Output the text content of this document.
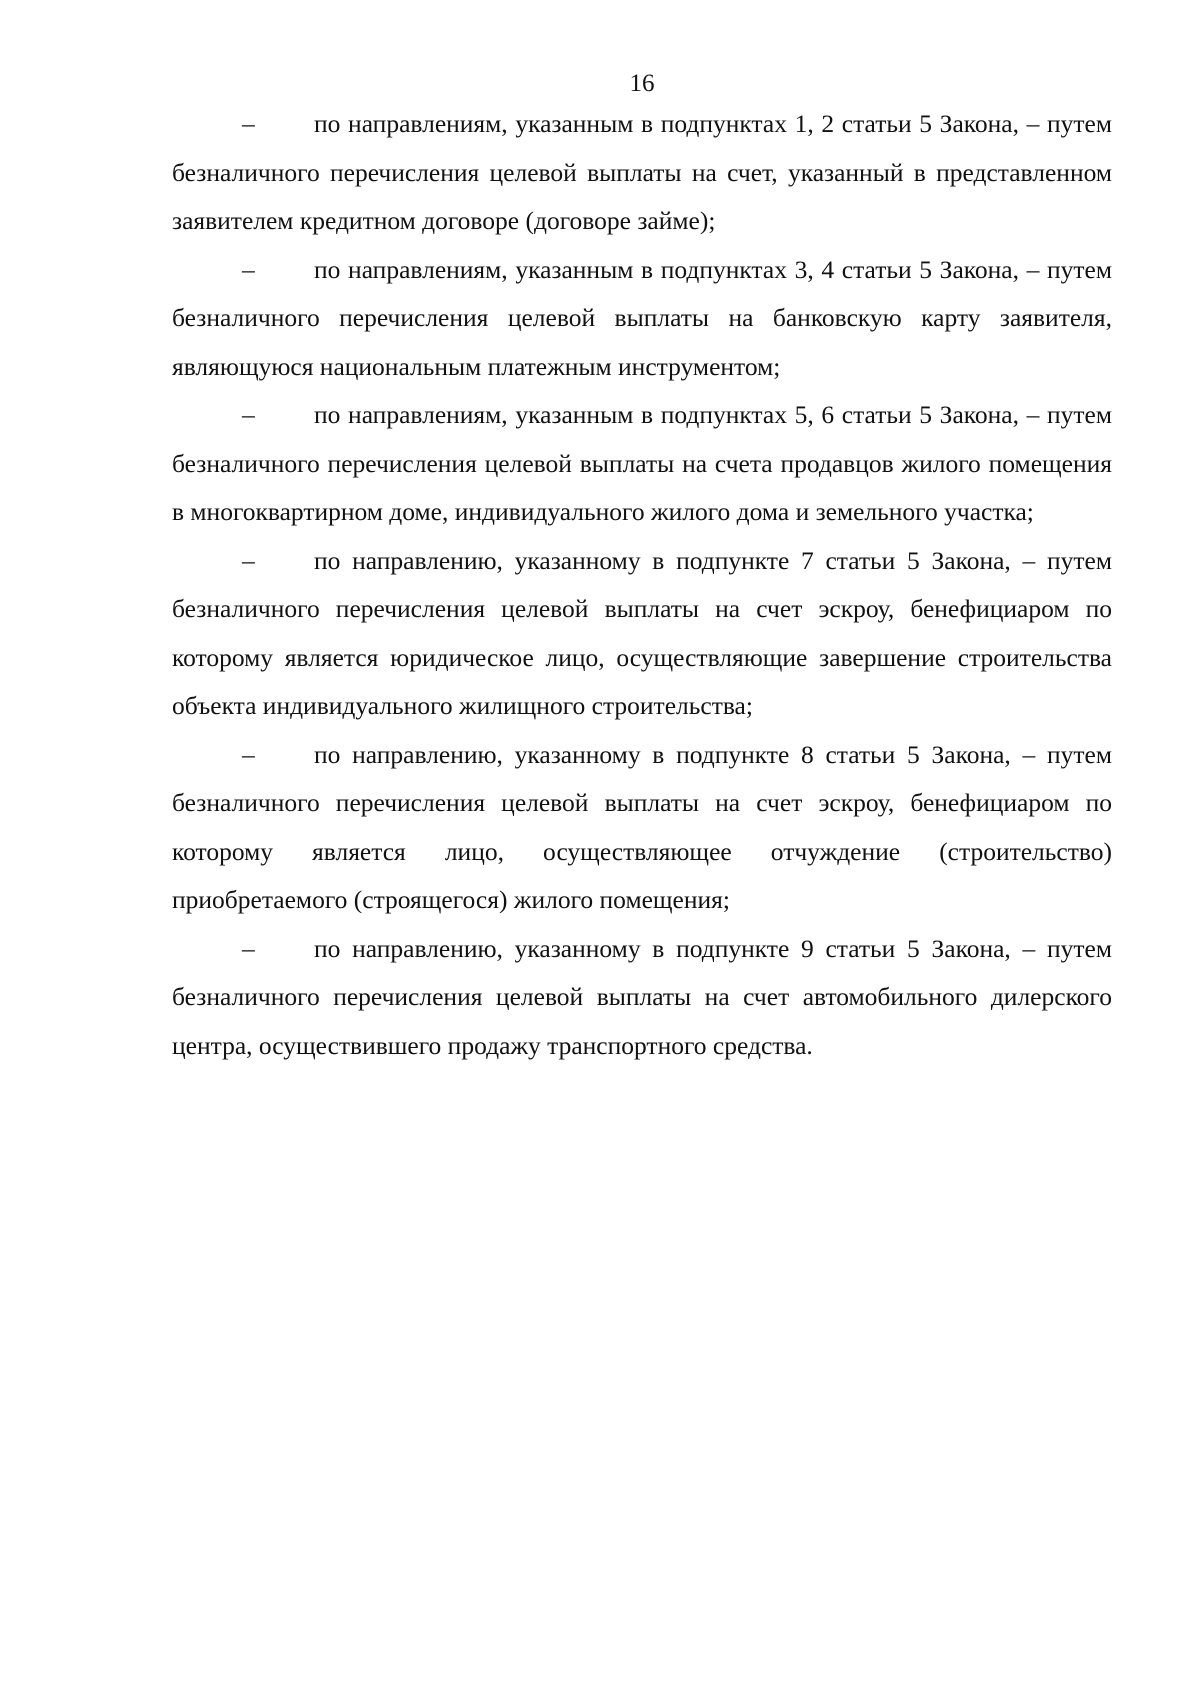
16

– по направлениям, указанным в подпунктах 1, 2 статьи 5 Закона, – путем безналичного перечисления целевой выплаты на счет, указанный в представленном заявителем кредитном договоре (договоре займе);

– по направлениям, указанным в подпунктах 3, 4 статьи 5 Закона, – путем безналичного перечисления целевой выплаты на банковскую карту заявителя, являющуюся национальным платежным инструментом;

– по направлениям, указанным в подпунктах 5, 6 статьи 5 Закона, – путем безналичного перечисления целевой выплаты на счета продавцов жилого помещения в многоквартирном доме, индивидуального жилого дома и земельного участка;

– по направлению, указанному в подпункте 7 статьи 5 Закона, – путем безналичного перечисления целевой выплаты на счет эскроу, бенефициаром по которому является юридическое лицо, осуществляющие завершение строительства объекта индивидуального жилищного строительства;

– по направлению, указанному в подпункте 8 статьи 5 Закона, – путем безналичного перечисления целевой выплаты на счет эскроу, бенефициаром по которому является лицо, осуществляющее отчуждение (строительство) приобретаемого (строящегося) жилого помещения;

– по направлению, указанному в подпункте 9 статьи 5 Закона, – путем безналичного перечисления целевой выплаты на счет автомобильного дилерского центра, осуществившего продажу транспортного средства.
